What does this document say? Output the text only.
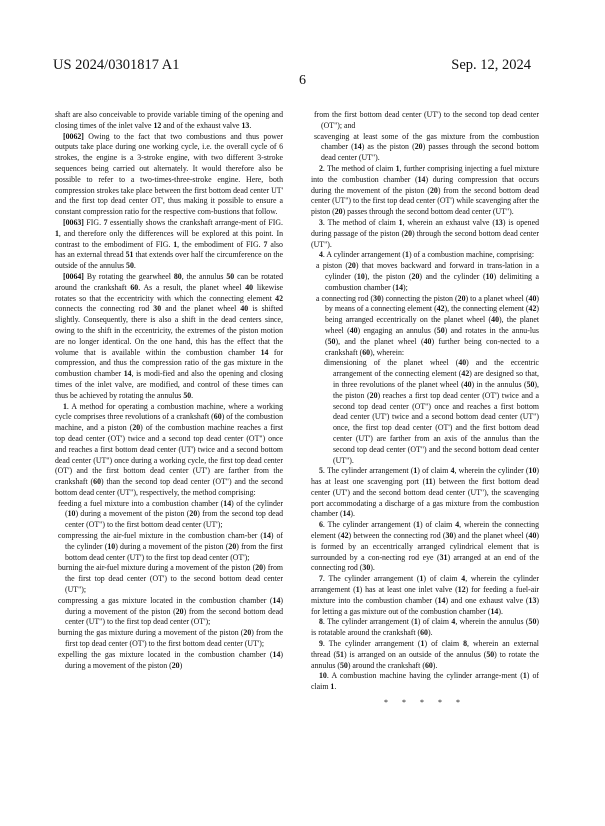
US 2024/0301817 A1	Sep. 12, 2024
6

shaft are also conceivable to provide variable timing of the opening and closing times of the inlet valve 12 and of the exhaust valve 13.

[0062] Owing to the fact that two combustions and thus power outputs take place during one working cycle, i.e. the overall cycle of 6 strokes, the engine is a 3-stroke engine, with two different 3-stroke sequences being carried out alternately. It would therefore also be possible to refer to a two-times-three-stroke engine. Here, both compression strokes take place between the first bottom dead center UT' and the first top dead center OT', thus making it possible to ensure a constant compression ratio for the respective com-bustions that follow.

[0063] FIG. 7 essentially shows the crankshaft arrange-ment of FIG. 1, and therefore only the differences will be explored at this point. In contrast to the embodiment of FIG. 1, the embodiment of FIG. 7 also has an external thread 51 that extends over half the circumference on the outside of the annulus 50.

[0064] By rotating the gearwheel 80, the annulus 50 can be rotated around the crankshaft 60. As a result, the planet wheel 40 likewise rotates so that the eccentricity with which the connecting element 42 connects the connecting rod 30 and the planet wheel 40 is shifted slightly. Consequently, there is also a shift in the dead centers since, owing to the shift in the eccentricity, the extremes of the piston motion are no longer identical. On the one hand, this has the effect that the volume that is available within the combustion chamber 14 for compression, and thus the compression ratio of the gas mixture in the combustion chamber 14, is modi-fied and also the opening and closing times of the inlet valve, are modified, and control of these times can thus be achieved by rotating the annulus 50.

1. A method for operating a combustion machine, where a working cycle comprises three revolutions of a crankshaft (60) of the combustion machine, and a piston (20) of the combustion machine reaches a first top dead center (OT') twice and a second top dead center (OT") once and reaches a first bottom dead center (UT') twice and a second bottom dead center (UT") once during a working cycle, the first top dead center (OT') and the first bottom dead center (UT') are farther from the crankshaft (60) than the second top dead center (OT") and the second bottom dead center (UT"), respectively, the method comprising:

feeding a fuel mixture into a combustion chamber (14) of the cylinder (10) during a movement of the piston (20) from the second top dead center (OT") to the first bottom dead center (UT');

compressing the air-fuel mixture in the combustion cham-ber (14) of the cylinder (10) during a movement of the piston (20) from the first bottom dead center (UT') to the first top dead center (OT');

burning the air-fuel mixture during a movement of the piston (20) from the first top dead center (OT') to the second bottom dead center (UT");

compressing a gas mixture located in the combustion chamber (14) during a movement of the piston (20) from the second bottom dead center (UT") to the first top dead center (OT');

burning the gas mixture during a movement of the piston (20) from the first top dead center (OT') to the first bottom dead center (UT');

expelling the gas mixture located in the combustion chamber (14) during a movement of the piston (20)

from the first bottom dead center (UT') to the second top dead center (OT"); and

scavenging at least some of the gas mixture from the combustion chamber (14) as the piston (20) passes through the second bottom dead center (UT").

2. The method of claim 1, further comprising injecting a fuel mixture into the combustion chamber (14) during compression that occurs during the movement of the piston (20) from the second bottom dead center (UT") to the first top dead center (OT') while scavenging after the piston (20) passes through the second bottom dead center (UT").

3. The method of claim 1, wherein an exhaust valve (13) is opened during passage of the piston (20) through the second bottom dead center (UT").

4. A cylinder arrangement (1) of a combustion machine, comprising:

a piston (20) that moves backward and forward in trans-lation in a cylinder (10), the piston (20) and the cylinder (10) delimiting a combustion chamber (14);

a connecting rod (30) connecting the piston (20) to a planet wheel (40) by means of a connecting element (42), the connecting element (42) being arranged eccentrically on the planet wheel (40), the planet wheel (40) engaging an annulus (50) and rotates in the annu-lus (50), and the planet wheel (40) further being con-nected to a crankshaft (60), wherein:

dimensioning of the planet wheel (40) and the eccentric arrangement of the connecting element (42) are designed so that, in three revolutions of the planet wheel (40) in the annulus (50), the piston (20) reaches a first top dead center (OT') twice and a second top dead center (OT") once and reaches a first bottom dead center (UT') twice and a second bottom dead center (UT") once, the first top dead center (OT') and the first bottom dead center (UT') are farther from an axis of the annulus than the second top dead center (OT") and the second bottom dead center (UT").

5. The cylinder arrangement (1) of claim 4, wherein the cylinder (10) has at least one scavenging port (11) between the first bottom dead center (UT') and the second bottom dead center (UT"), the scavenging port accommodating a discharge of a gas mixture from the combustion chamber (14).

6. The cylinder arrangement (1) of claim 4, wherein the connecting element (42) between the connecting rod (30) and the planet wheel (40) is formed by an eccentrically arranged cylindrical element that is surrounded by a con-necting rod eye (31) arranged at an end of the connecting rod (30).

7. The cylinder arrangement (1) of claim 4, wherein the cylinder arrangement (1) has at least one inlet valve (12) for feeding a fuel-air mixture into the combustion chamber (14) and one exhaust valve (13) for letting a gas mixture out of the combustion chamber (14).

8. The cylinder arrangement (1) of claim 4, wherein the annulus (50) is rotatable around the crankshaft (60).

9. The cylinder arrangement (1) of claim 8, wherein an external thread (51) is arranged on an outside of the annulus (50) to rotate the annulus (50) around the crankshaft (60).

10. A combustion machine having the cylinder arrange-ment (1) of claim 1.

* * * * *
